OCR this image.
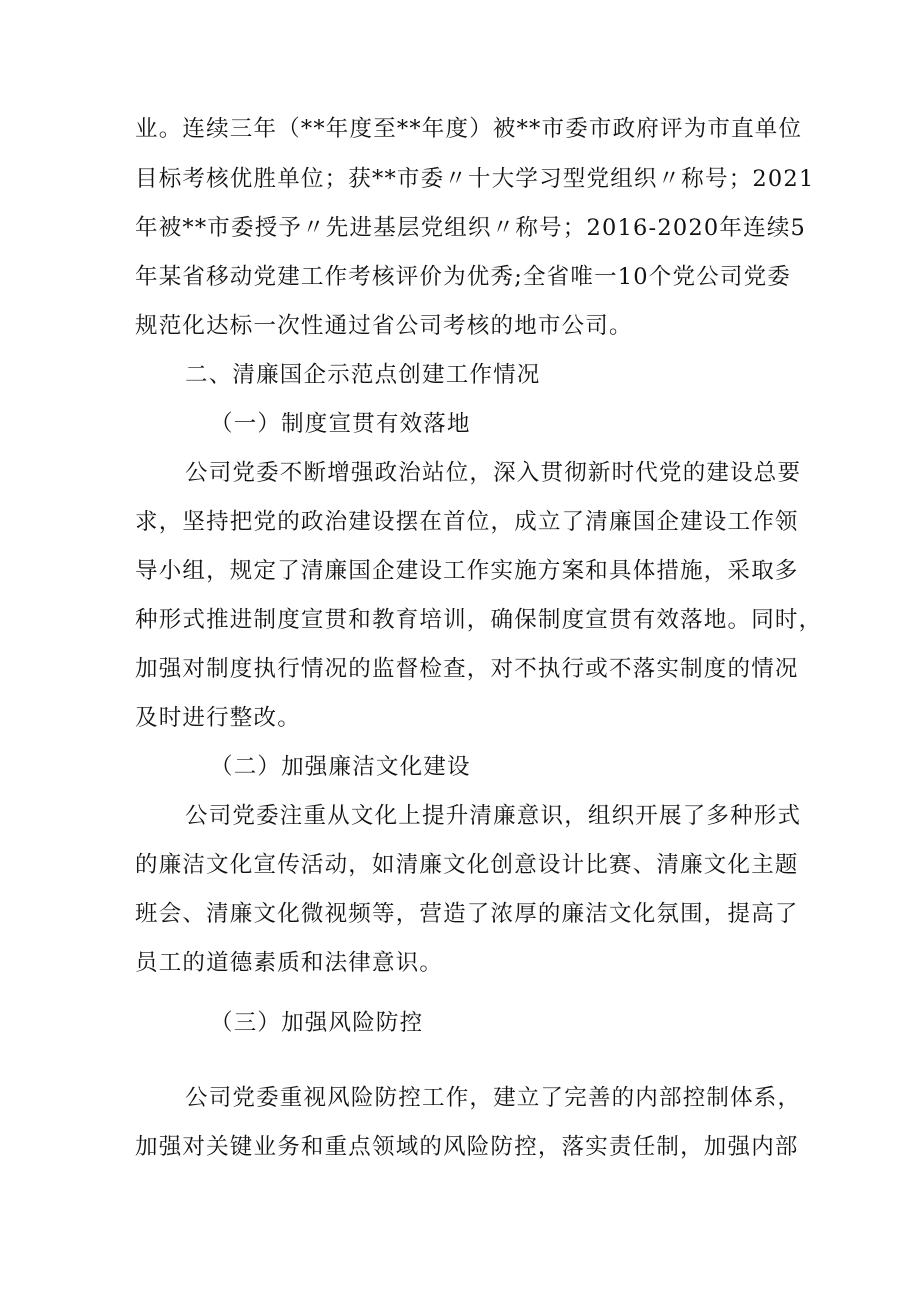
业。连续三年（**年度至**年度）被**市委市政府评为市直单位
目标考核优胜单位；获**市委〃十大学习型党组织〃称号；2021
年被**市委授予〃先进基层党组织〃称号；2016-2020年连续5
年某省移动党建工作考核评价为优秀;全省唯一10个党公司党委
规范化达标一次性通过省公司考核的地市公司。
二、清廉国企示范点创建工作情况
（一）制度宣贯有效落地
公司党委不断增强政治站位，深入贯彻新时代党的建设总要
求，坚持把党的政治建设摆在首位，成立了清廉国企建设工作领
导小组，规定了清廉国企建设工作实施方案和具体措施，采取多
种形式推进制度宣贯和教育培训，确保制度宣贯有效落地。同时，
加强对制度执行情况的监督检查，对不执行或不落实制度的情况
及时进行整改。
（二）加强廉洁文化建设
公司党委注重从文化上提升清廉意识，组织开展了多种形式
的廉洁文化宣传活动，如清廉文化创意设计比赛、清廉文化主题
班会、清廉文化微视频等，营造了浓厚的廉洁文化氛围，提高了
员工的道德素质和法律意识。
（三）加强风险防控
公司党委重视风险防控工作，建立了完善的内部控制体系，
加强对关键业务和重点领域的风险防控，落实责任制，加强内部
